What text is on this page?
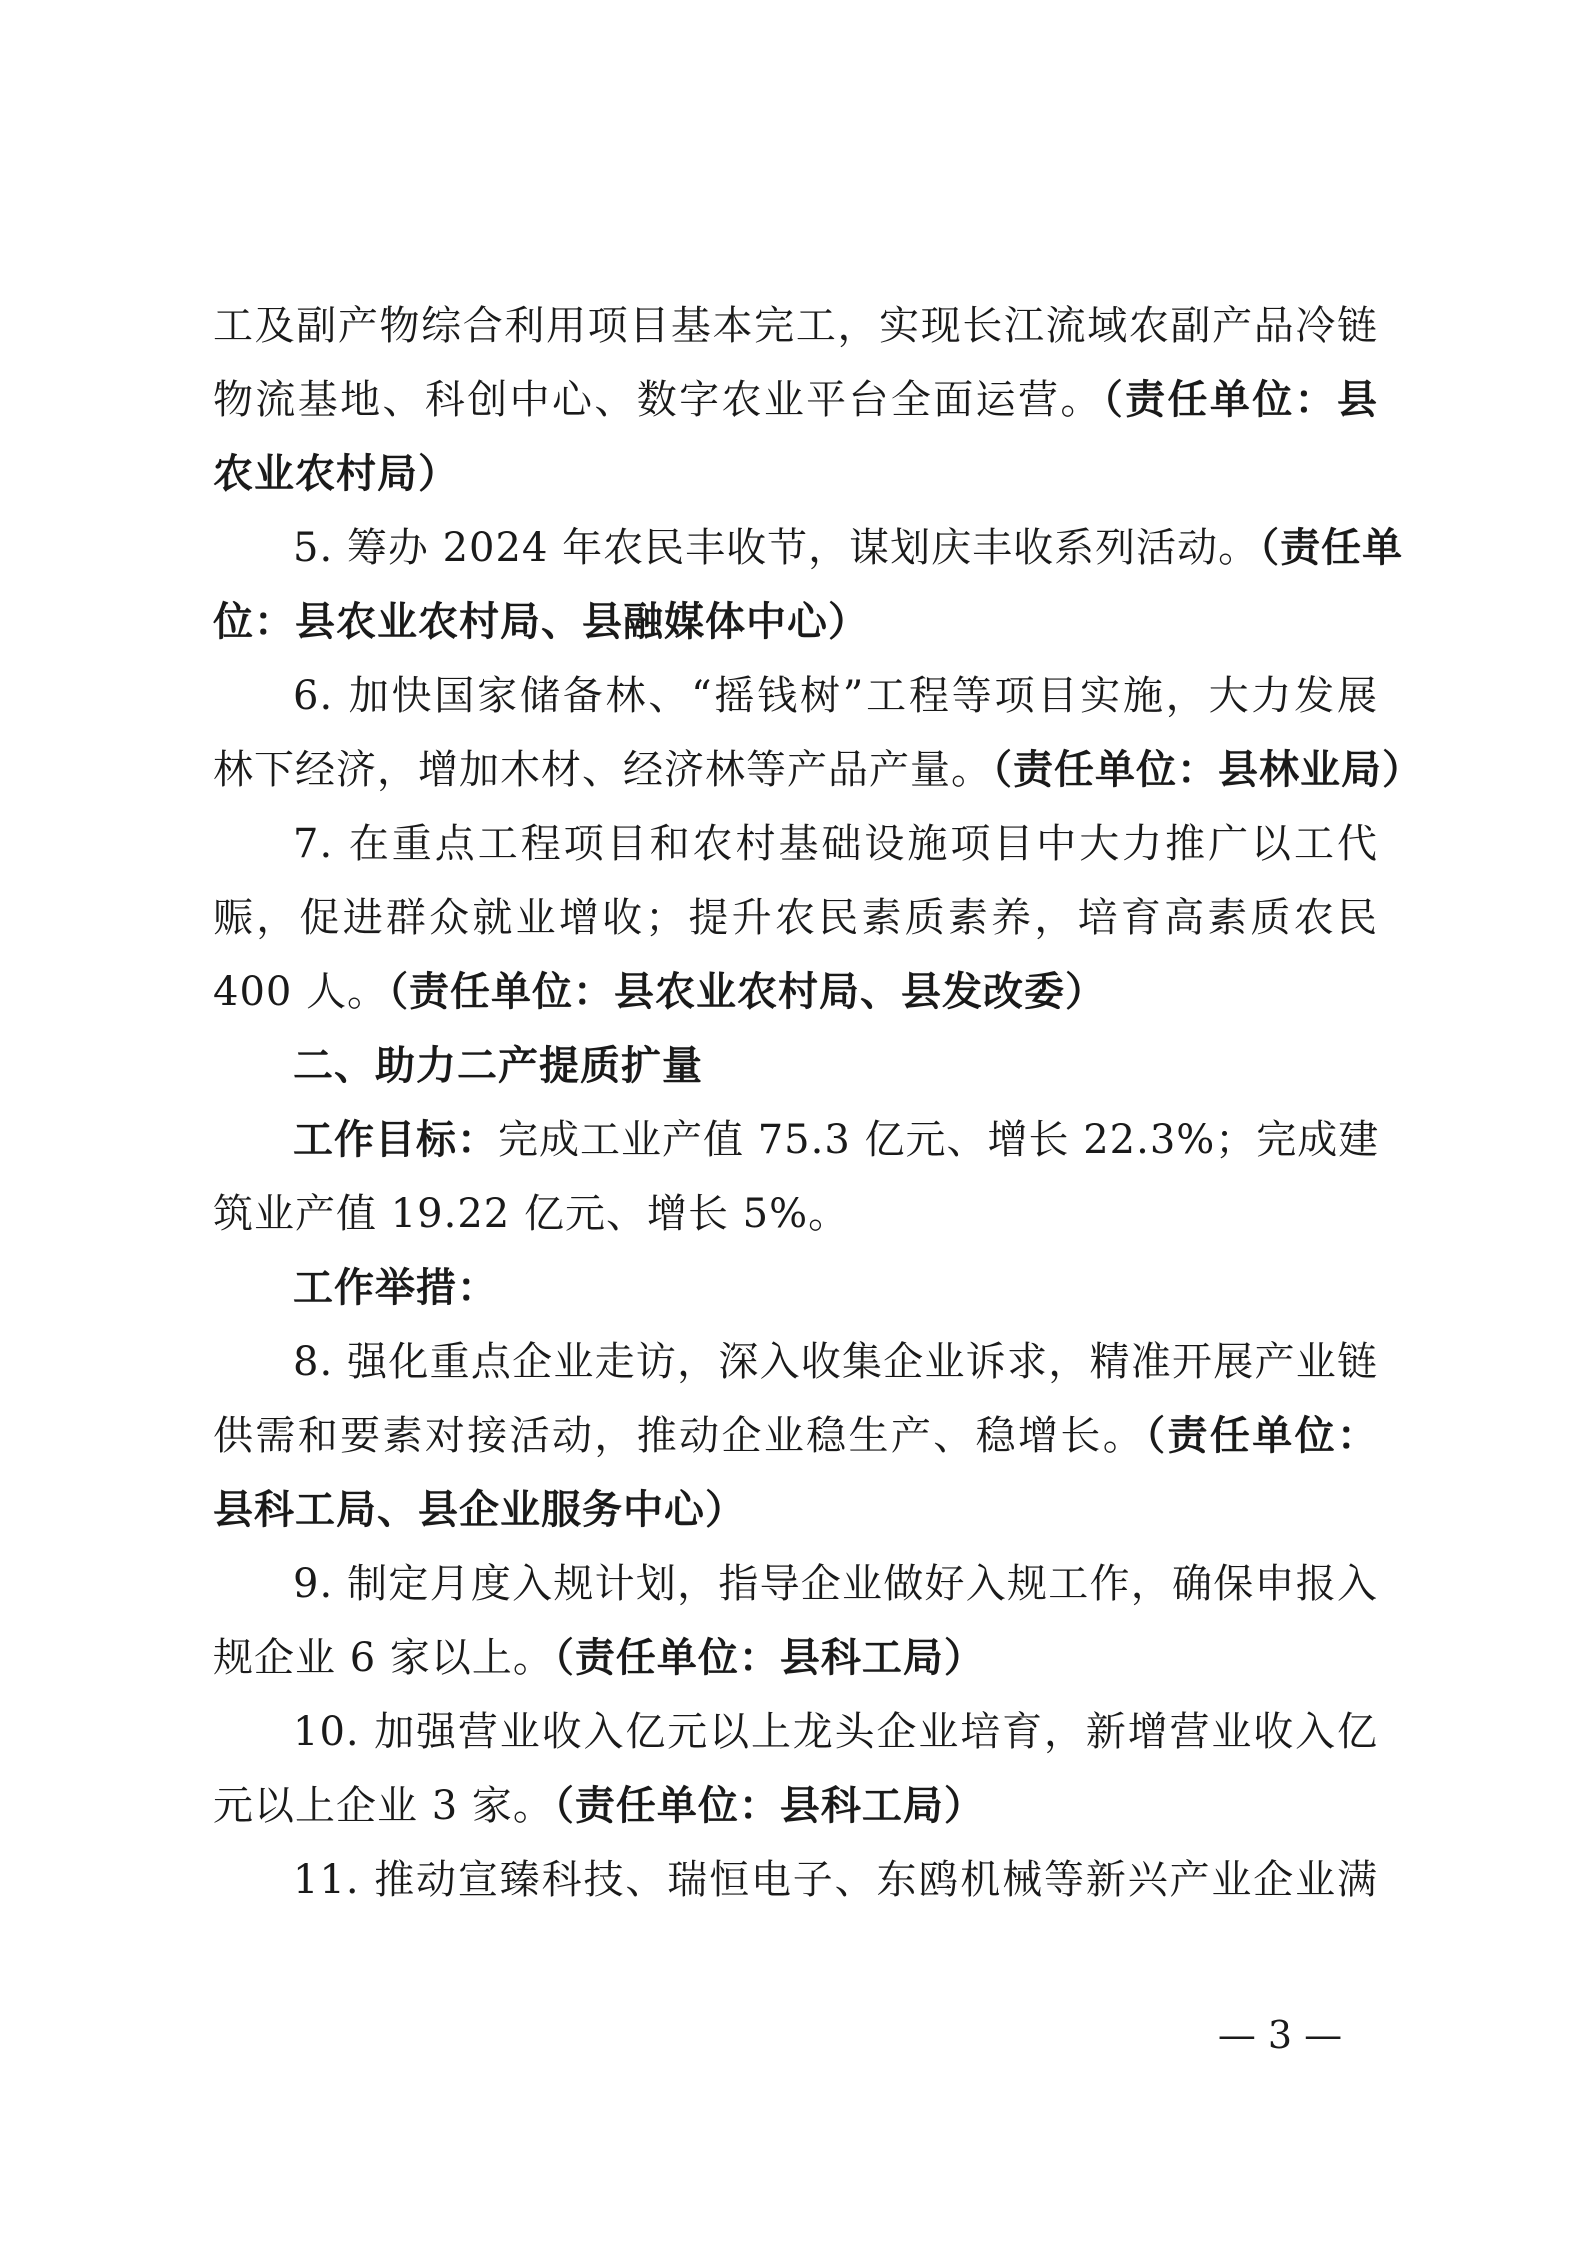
工及副产物综合利用项目基本完工，实现长江流域农副产品冷链
物流基地、科创中心、数字农业平台全面运营。（责任单位：县
农业农村局）
5. 筹办 2024 年农民丰收节，谋划庆丰收系列活动。（责任单
位：县农业农村局、县融媒体中心）
6. 加快国家储备林、“摇钱树”工程等项目实施，大力发展
林下经济，增加木材、经济林等产品产量。（责任单位：县林业局）
7. 在重点工程项目和农村基础设施项目中大力推广以工代
赈，促进群众就业增收；提升农民素质素养，培育高素质农民
400 人。（责任单位：县农业农村局、县发改委）
二、助力二产提质扩量
工作目标：完成工业产值 75.3 亿元、增长 22.3%；完成建
筑业产值 19.22 亿元、增长 5%。
工作举措：
8. 强化重点企业走访，深入收集企业诉求，精准开展产业链
供需和要素对接活动，推动企业稳生产、稳增长。（责任单位：
县科工局、县企业服务中心）
9. 制定月度入规计划，指导企业做好入规工作，确保申报入
规企业 6 家以上。（责任单位：县科工局）
10. 加强营业收入亿元以上龙头企业培育，新增营业收入亿
元以上企业 3 家。（责任单位：县科工局）
11. 推动宣臻科技、瑞恒电子、东鸥机械等新兴产业企业满
— 3 —
